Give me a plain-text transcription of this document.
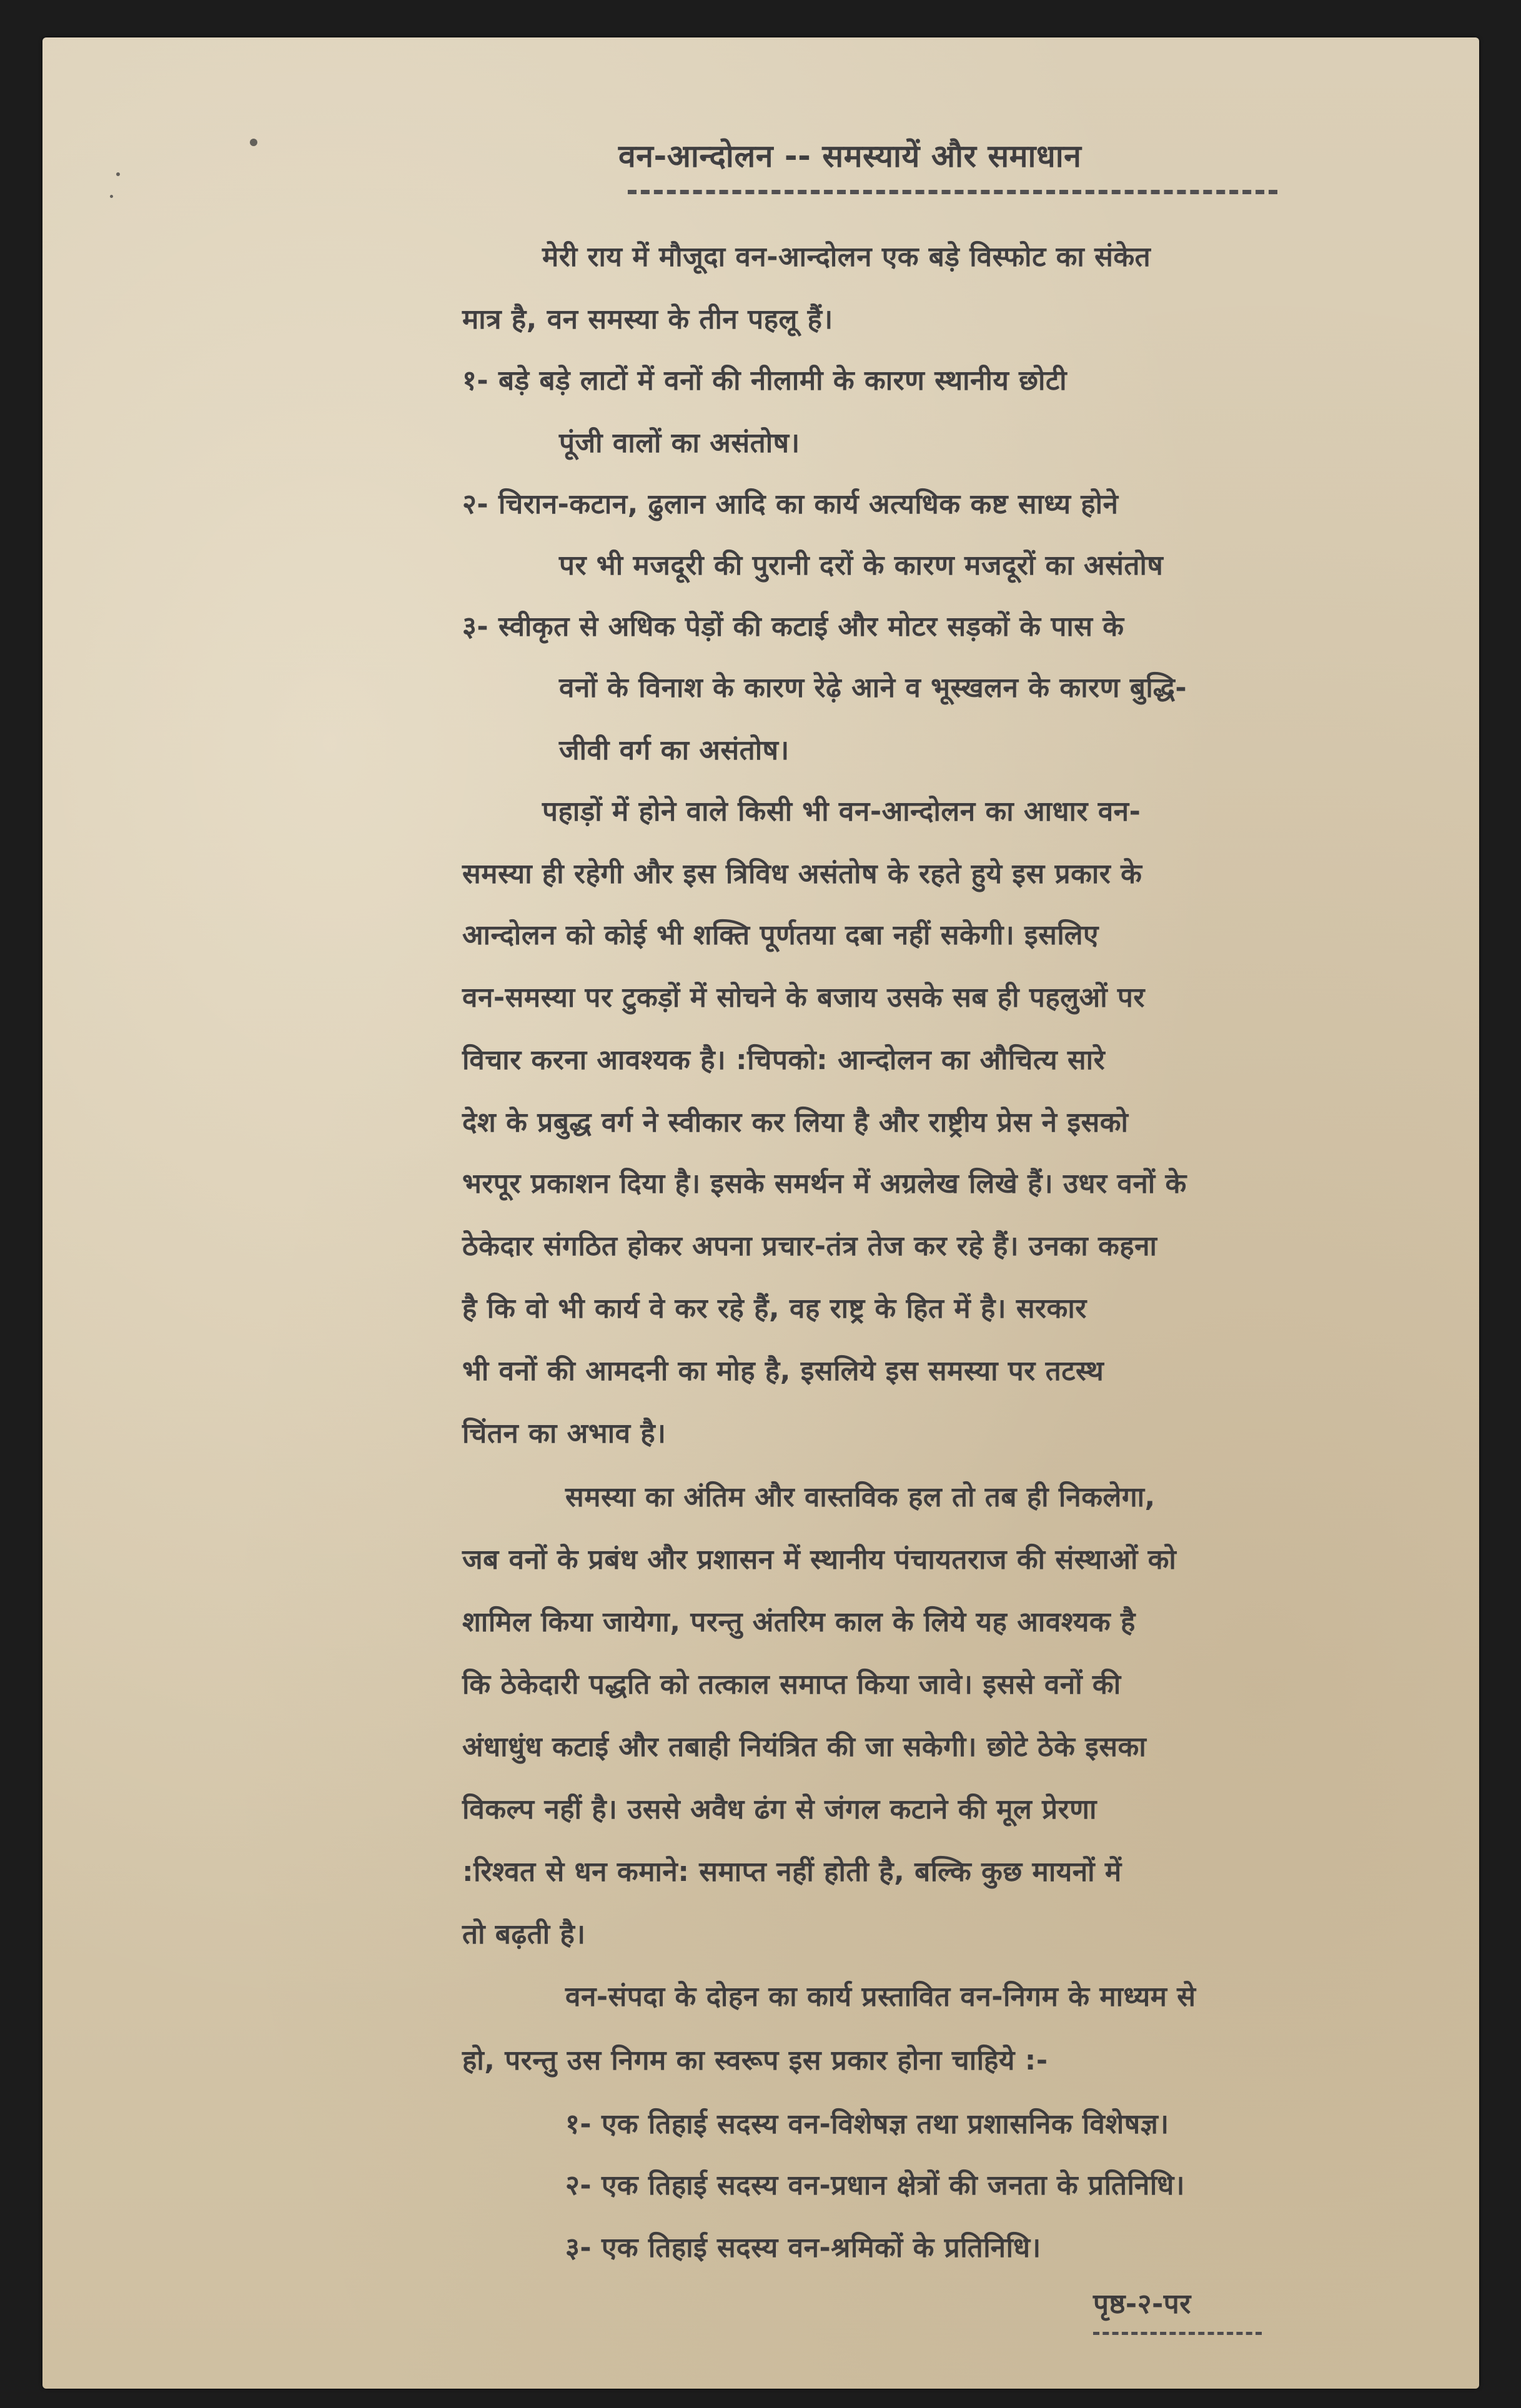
वन-आन्दोलन -- समस्यायें और समाधान
मेरी राय में मौजूदा वन-आन्दोलन एक बड़े विस्फोट का संकेत
मात्र है, वन समस्या के तीन पहलू हैं।
१- बड़े बड़े लाटों में वनों की नीलामी के कारण स्थानीय छोटी
पूंजी वालों का असंतोष।
२- चिरान-कटान, ढुलान आदि का कार्य अत्यधिक कष्ट साध्य होने
पर भी मजदूरी की पुरानी दरों के कारण मजदूरों का असंतोष
३- स्वीकृत से अधिक पेड़ों की कटाई और मोटर सड़कों के पास के
वनों के विनाश के कारण रेढ़े आने व भूस्खलन के कारण बुद्धि-
जीवी वर्ग का असंतोष।
पहाड़ों में होने वाले किसी भी वन-आन्दोलन का आधार वन-
समस्या ही रहेगी और इस त्रिविध असंतोष के रहते हुये इस प्रकार के
आन्दोलन को कोई भी शक्ति पूर्णतया दबा नहीं सकेगी। इसलिए
वन-समस्या पर टुकड़ों में सोचने के बजाय उसके सब ही पहलुओं पर
विचार करना आवश्यक है। :चिपको: आन्दोलन का औचित्य सारे
देश के प्रबुद्ध वर्ग ने स्वीकार कर लिया है और राष्ट्रीय प्रेस ने इसको
भरपूर प्रकाशन दिया है। इसके समर्थन में अग्रलेख लिखे हैं। उधर वनों के
ठेकेदार संगठित होकर अपना प्रचार-तंत्र तेज कर रहे हैं। उनका कहना
है कि वो भी कार्य वे कर रहे हैं, वह राष्ट्र के हित में है। सरकार
भी वनों की आमदनी का मोह है, इसलिये इस समस्या पर तटस्थ
चिंतन का अभाव है।
समस्या का अंतिम और वास्तविक हल तो तब ही निकलेगा,
जब वनों के प्रबंध और प्रशासन में स्थानीय पंचायतराज की संस्थाओं को
शामिल किया जायेगा, परन्तु अंतरिम काल के लिये यह आवश्यक है
कि ठेकेदारी पद्धति को तत्काल समाप्त किया जावे। इससे वनों की
अंधाधुंध कटाई और तबाही नियंत्रित की जा सकेगी। छोटे ठेके इसका
विकल्प नहीं है। उससे अवैध ढंग से जंगल कटाने की मूल प्रेरणा
:रिश्वत से धन कमाने: समाप्त नहीं होती है, बल्कि कुछ मायनों में
तो बढ़ती है।
वन-संपदा के दोहन का कार्य प्रस्तावित वन-निगम के माध्यम से
हो, परन्तु उस निगम का स्वरूप इस प्रकार होना चाहिये :-
१- एक तिहाई सदस्य वन-विशेषज्ञ तथा प्रशासनिक विशेषज्ञ।
२- एक तिहाई सदस्य वन-प्रधान क्षेत्रों की जनता के प्रतिनिधि।
३- एक तिहाई सदस्य वन-श्रमिकों के प्रतिनिधि।
पृष्ठ-२-पर
